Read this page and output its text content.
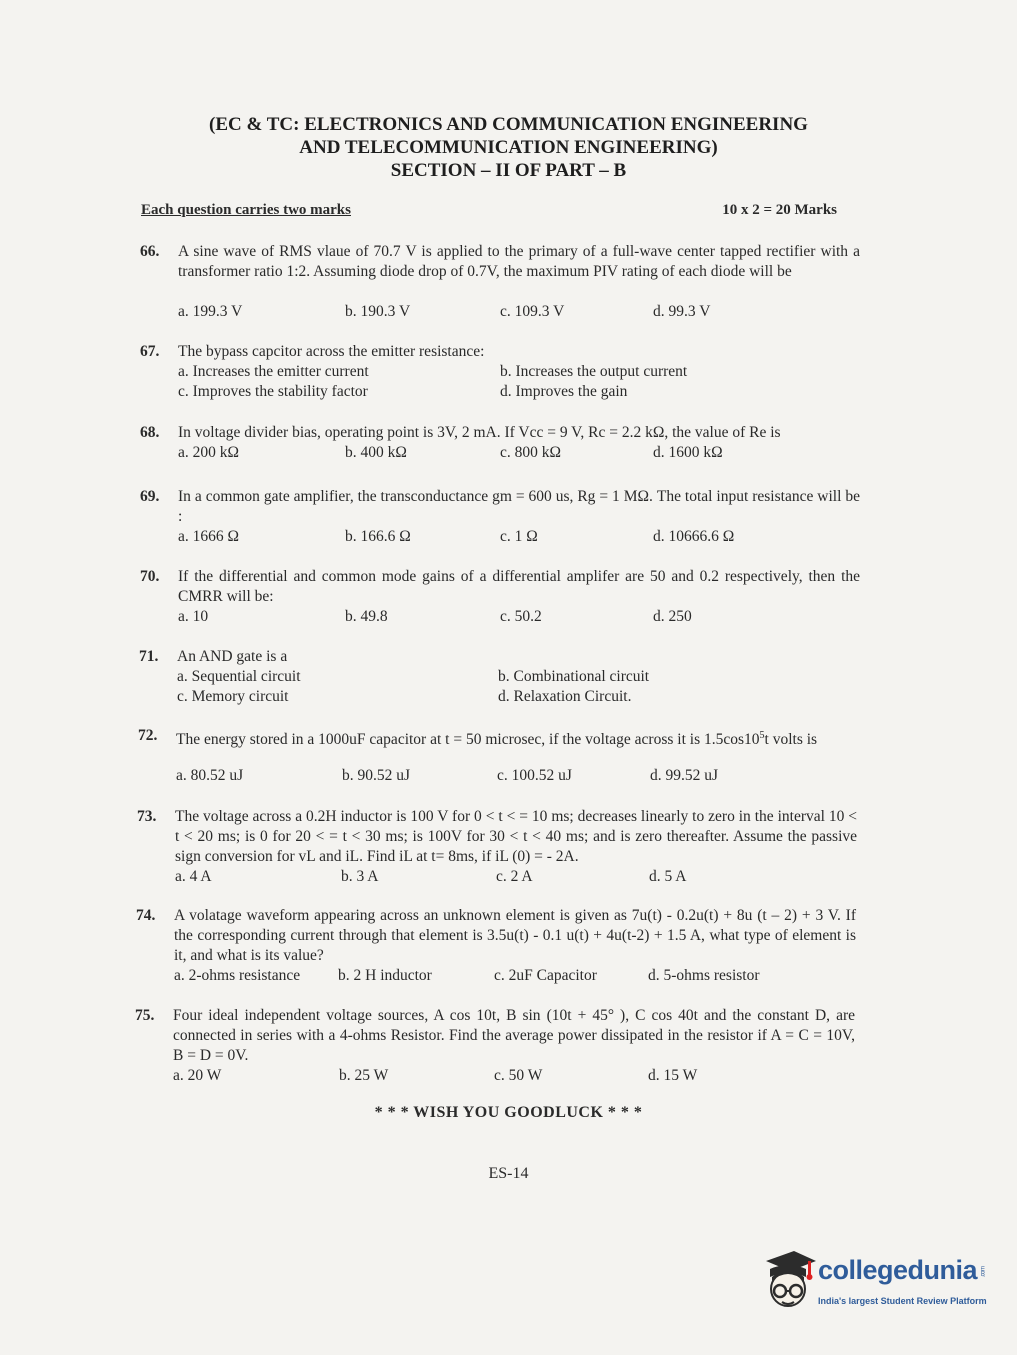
(EC & TC: ELECTRONICS AND COMMUNICATION ENGINEERING
AND TELECOMMUNICATION ENGINEERING)
SECTION – II OF PART – B
Each question carries two marks	10 x 2 = 20 Marks
66. A sine wave of RMS vlaue of 70.7 V is applied to the primary of a full-wave center tapped rectifier with a transformer ratio 1:2. Assuming diode drop of 0.7V, the maximum PIV rating of each diode will be
a. 199.3 V	b. 190.3 V	c. 109.3 V	d. 99.3 V
67. The bypass capcitor across the emitter resistance:
a. Increases the emitter current	b. Increases the output current
c. Improves the stability factor	d. Improves the gain
68. In voltage divider bias, operating point is 3V, 2 mA. If Vcc = 9 V, Rc = 2.2 kΩ, the value of Re is
a. 200 kΩ	b. 400 kΩ	c. 800 kΩ	d. 1600 kΩ
69. In a common gate amplifier, the transconductance gm = 600 us, Rg = 1 MΩ. The total input resistance will be :
a. 1666 Ω	b. 166.6 Ω	c. 1 Ω	d. 10666.6 Ω
70. If the differential and common mode gains of a differential amplifer are 50 and 0.2 respectively, then the CMRR will be:
a. 10	b. 49.8	c. 50.2	d. 250
71. An AND gate is a
a. Sequential circuit	b. Combinational circuit
c. Memory circuit	d. Relaxation Circuit.
72. The energy stored in a 1000uF capacitor at t = 50 microsec, if the voltage across it is $1.5\cos 10^5t$ volts is
a. 80.52 uJ	b. 90.52 uJ	c. 100.52 uJ	d. 99.52 uJ
73. The voltage across a 0.2H inductor is 100 V for 0 < t < = 10 ms; decreases linearly to zero in the interval 10 < t < 20 ms; is 0 for 20 < = t < 30 ms; is 100V for 30 < t < 40 ms; and is zero thereafter. Assume the passive sign conversion for vL and iL. Find iL at t= 8ms, if iL (0) = - 2A.
a. 4 A	b. 3 A	c. 2 A	d. 5 A
74. A volatage waveform appearing across an unknown element is given as 7u(t) - 0.2u(t) + 8u (t – 2) + 3 V. If the corresponding current through that element is 3.5u(t) - 0.1 u(t) + 4u(t-2) + 1.5 A, what type of element is it, and what is its value?
a. 2-ohms resistance b. 2 H inductor	c. 2uF Capacitor	d. 5-ohms resistor
75. Four ideal independent voltage sources, A cos 10t, B sin (10t + 45° ), C cos 40t and the constant D, are connected in series with a 4-ohms Resistor. Find the average power dissipated in the resistor if A = C = 10V, B = D = 0V.
a. 20 W	b. 25 W	c. 50 W	d. 15 W
* * * WISH YOU GOODLUCK * * *
ES-14
collegedunia .com
India's largest Student Review Platform
